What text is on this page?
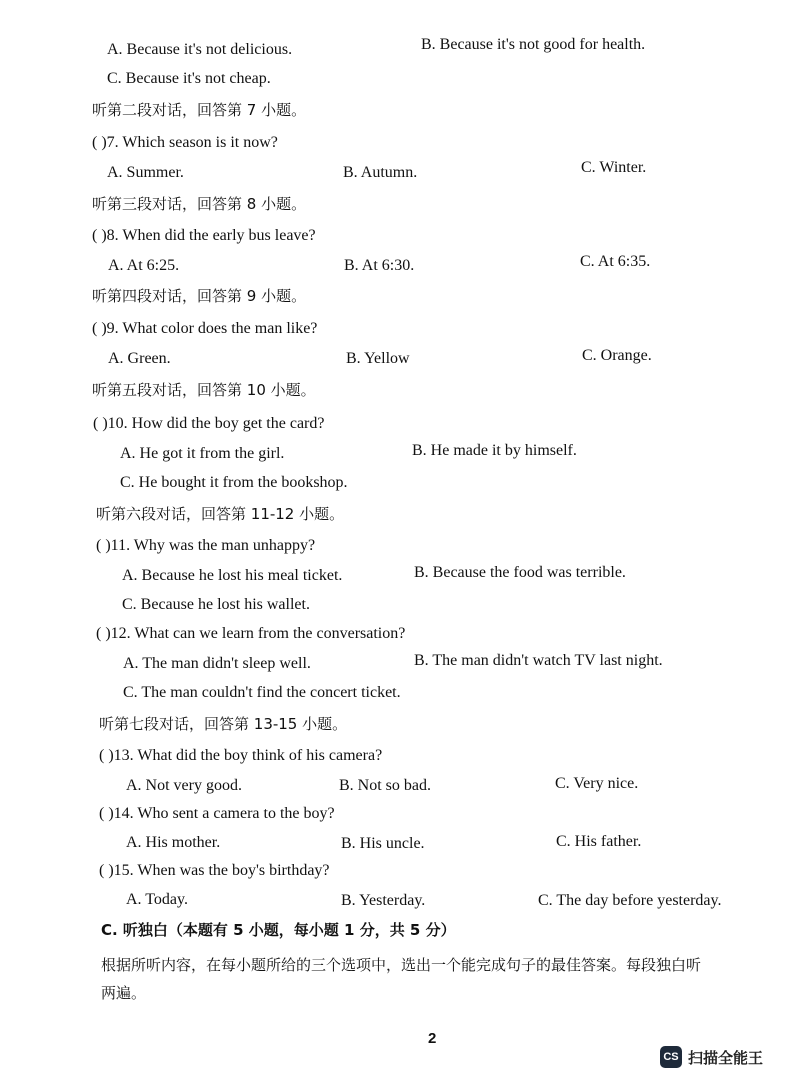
A. Because it's not delicious.	B. Because it's not good for health.
C. Because it's not cheap.
听第二段对话，回答第 7 小题。
( )7. Which season is it now?
A. Summer.	B. Autumn.	C. Winter.
听第三段对话，回答第 8 小题。
( )8. When did the early bus leave?
A. At 6:25.	B. At 6:30.	C. At 6:35.
听第四段对话，回答第 9 小题。
( )9. What color does the man like?
A. Green.	B. Yellow	C. Orange.
听第五段对话，回答第 10 小题。
( )10. How did the boy get the card?
A. He got it from the girl.	B. He made it by himself.
C. He bought it from the bookshop.
听第六段对话，回答第 11-12 小题。
( )11. Why was the man unhappy?
A. Because he lost his meal ticket.	B. Because the food was terrible.
C. Because he lost his wallet.
( )12. What can we learn from the conversation?
A. The man didn't sleep well.	B. The man didn't watch TV last night.
C. The man couldn't find the concert ticket.
听第七段对话，回答第 13-15 小题。
( )13. What did the boy think of his camera?
A. Not very good.	B. Not so bad.	C. Very nice.
( )14. Who sent a camera to the boy?
A. His mother.	B. His uncle.	C. His father.
( )15. When was the boy's birthday?
A. Today.	B. Yesterday.	C. The day before yesterday.
C. 听独白（本题有 5 小题，每小题 1 分，共 5 分）
根据所听内容，在每小题所给的三个选项中，选出一个能完成句子的最佳答案。每段独白听
两遍。
2
CS 扫描全能王
